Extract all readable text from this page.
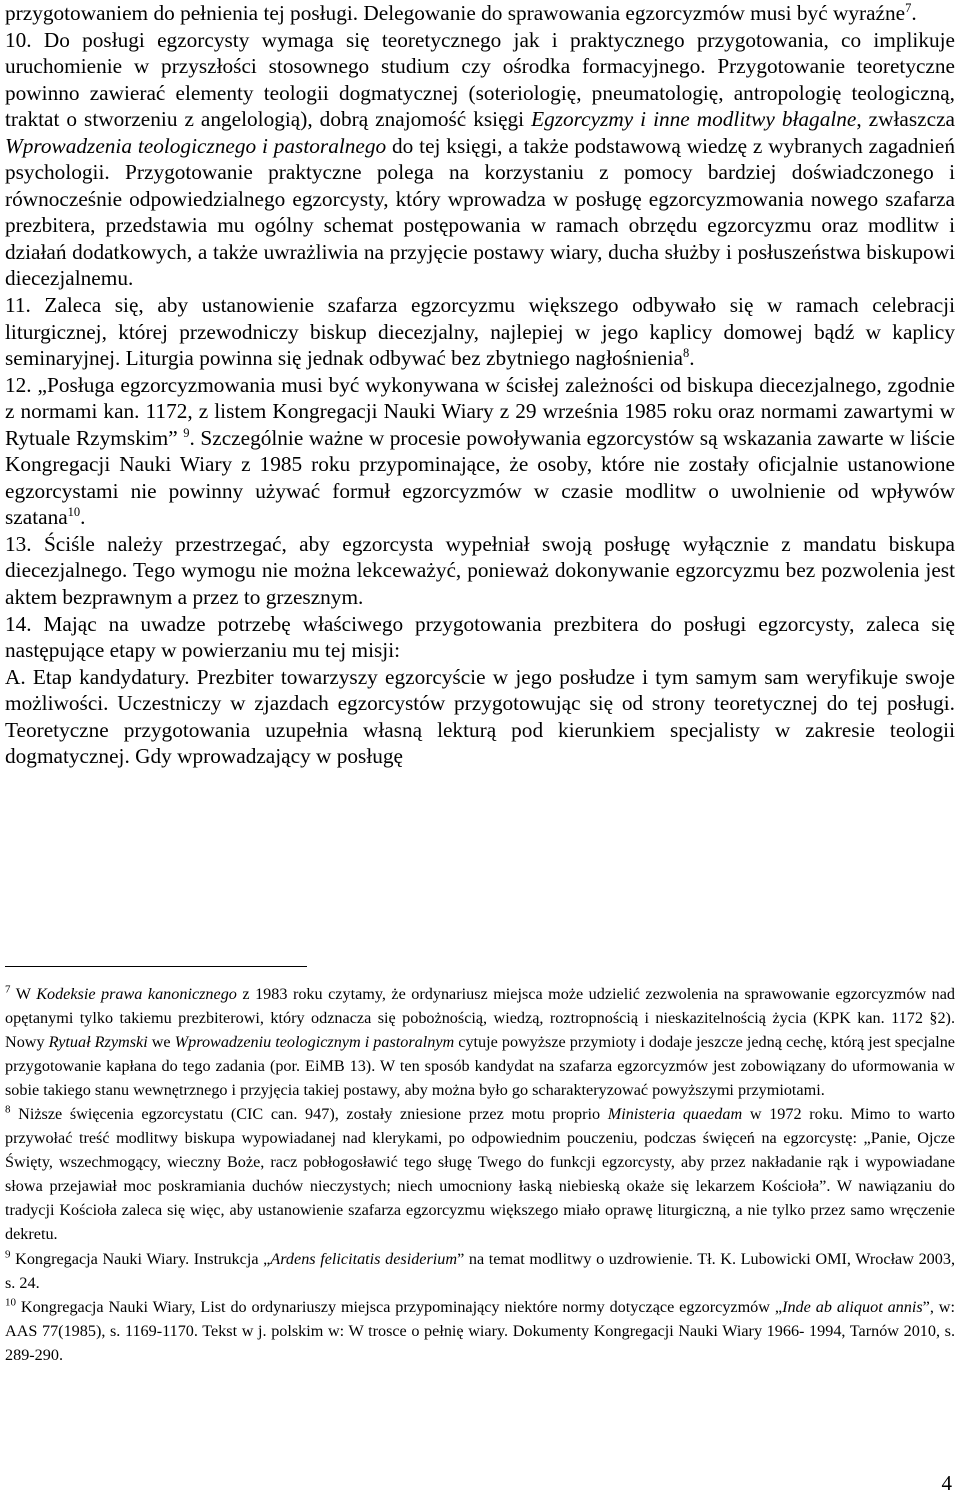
przygotowaniem do pełnienia tej posługi. Delegowanie do sprawowania egzorcyzmów musi być wyraźne$^7$.

10. Do posługi egzorcysty wymaga się teoretycznego jak i praktycznego przygotowania, co implikuje uruchomienie w przyszłości stosownego studium czy ośrodka formacyjnego. Przygotowanie teoretyczne powinno zawierać elementy teologii dogmatycznej (soteriologię, pneumatologię, antropologię teologiczną, traktat o stworzeniu z angelologią), dobrą znajomość księgi Egzorcyzmy i inne modlitwy błagalne, zwłaszcza Wprowadzenia teologicznego i pastoralnego do tej księgi, a także podstawową wiedzę z wybranych zagadnień psychologii. Przygotowanie praktyczne polega na korzystaniu z pomocy bardziej doświadczonego i równocześnie odpowiedzialnego egzorcysty, który wprowadza w posługę egzorcyzmowania nowego szafarza prezbitera, przedstawia mu ogólny schemat postępowania w ramach obrzędu egzorcyzmu oraz modlitw i działań dodatkowych, a także uwrażliwia na przyjęcie postawy wiary, ducha służby i posłuszeństwa biskupowi diecezjalnemu.

11. Zaleca się, aby ustanowienie szafarza egzorcyzmu większego odbywało się w ramach celebracji liturgicznej, której przewodniczy biskup diecezjalny, najlepiej w jego kaplicy domowej bądź w kaplicy seminaryjnej. Liturgia powinna się jednak odbywać bez zbytniego nagłośnienia$^8$.

12. „Posługa egzorcyzmowania musi być wykonywana w ścisłej zależności od biskupa diecezjalnego, zgodnie z normami kan. 1172, z listem Kongregacji Nauki Wiary z 29 września 1985 roku oraz normami zawartymi w Rytuale Rzymskim” $^9$. Szczególnie ważne w procesie powoływania egzorcystów są wskazania zawarte w liście Kongregacji Nauki Wiary z 1985 roku przypominające, że osoby, które nie zostały oficjalnie ustanowione egzorcystami nie powinny używać formuł egzorcyzmów w czasie modlitw o uwolnienie od wpływów szatana$^{10}$.

13. Ściśle należy przestrzegać, aby egzorcysta wypełniał swoją posługę wyłącznie z mandatu biskupa diecezjalnego. Tego wymogu nie można lekceważyć, ponieważ dokonywanie egzorcyzmu bez pozwolenia jest aktem bezprawnym a przez to grzesznym.

14. Mając na uwadze potrzebę właściwego przygotowania prezbitera do posługi egzorcysty, zaleca się następujące etapy w powierzaniu mu tej misji:

A. Etap kandydatury. Prezbiter towarzyszy egzorcyście w jego posłudze i tym samym sam weryfikuje swoje możliwości. Uczestniczy w zjazdach egzorcystów przygotowując się od strony teoretycznej do tej posługi. Teoretyczne przygotowania uzupełnia własną lekturą pod kierunkiem specjalisty w zakresie teologii dogmatycznej. Gdy wprowadzający w posługę

$^7$ W Kodeksie prawa kanonicznego z 1983 roku czytamy, że ordynariusz miejsca może udzielić zezwolenia na sprawowanie egzorcyzmów nad opętanymi tylko takiemu prezbiterowi, który odznacza się pobożnością, wiedzą, roztropnością i nieskazitelnością życia (KPK kan. 1172 §2). Nowy Rytuał Rzymski we Wprowadzeniu teologicznym i pastoralnym cytuje powyższe przymioty i dodaje jeszcze jedną cechę, którą jest specjalne przygotowanie kapłana do tego zadania (por. EiMB 13). W ten sposób kandydat na szafarza egzorcyzmów jest zobowiązany do uformowania w sobie takiego stanu wewnętrznego i przyjęcia takiej postawy, aby można było go scharakteryzować powyższymi przymiotami.

$^8$ Niższe święcenia egzorcystatu (CIC can. 947), zostały zniesione przez motu proprio Ministeria quaedam w 1972 roku. Mimo to warto przywołać treść modlitwy biskupa wypowiadanej nad klerykami, po odpowiednim pouczeniu, podczas święceń na egzorcystę: „Panie, Ojcze Święty, wszechmogący, wieczny Boże, racz pobłogosławić tego sługę Twego do funkcji egzorcysty, aby przez nakładanie rąk i wypowiadane słowa przejawiał moc poskramiania duchów nieczystych; niech umocniony łaską niebieską okaże się lekarzem Kościoła”. W nawiązaniu do tradycji Kościoła zaleca się więc, aby ustanowienie szafarza egzorcyzmu większego miało oprawę liturgiczną, a nie tylko przez samo wręczenie dekretu.

$^9$ Kongregacja Nauki Wiary. Instrukcja „Ardens felicitatis desiderium” na temat modlitwy o uzdrowienie. Tł. K. Lubowicki OMI, Wrocław 2003, s. 24.

$^{10}$ Kongregacja Nauki Wiary, List do ordynariuszy miejsca przypominający niektóre normy dotyczące egzorcyzmów „Inde ab aliquot annis”, w: AAS 77(1985), s. 1169-1170. Tekst w j. polskim w: W trosce o pełnię wiary. Dokumenty Kongregacji Nauki Wiary 1966- 1994, Tarnów 2010, s. 289-290.

4
